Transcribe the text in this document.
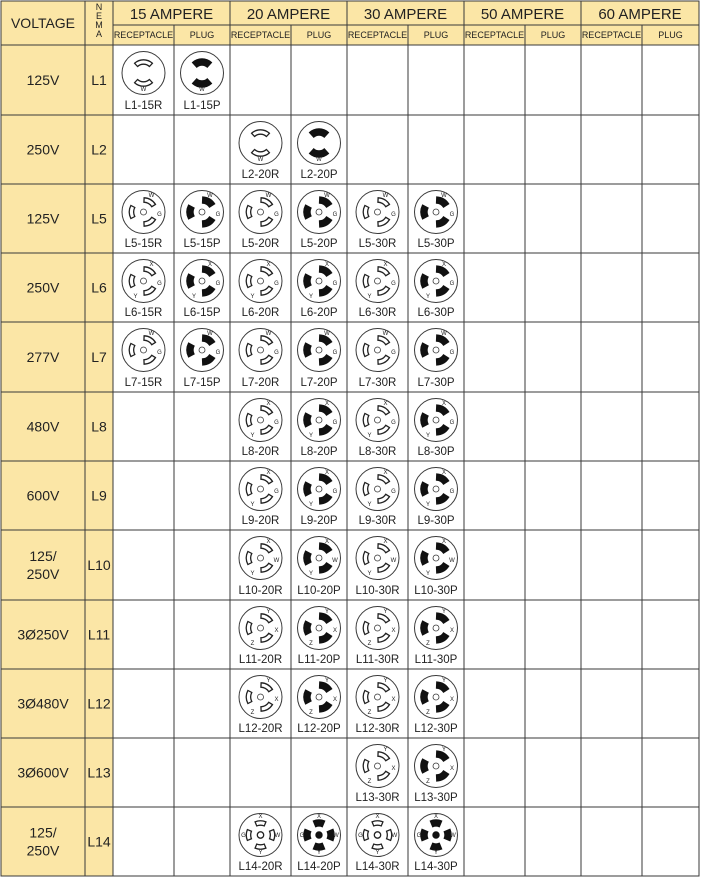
VOLTAGE
N
E
M
A
15 AMPERE
RECEPTACLE PLUG
20 AMPERE
RECEPTACLE PLUG
30 AMPERE
RECEPTACLE PLUG
50 AMPERE
RECEPTACLE PLUG
60 AMPERE
RECEPTACLE PLUG
125V L1
L1-15R L1-15P
W	W
250V L2
L2-20R L2-20P
W	W
125V L5
L5-15R L5-15P L5-20R L5-20P L5-30R L5-30P
W
G
W
G
W
G
W
G
W
G
W
G
250V L6
L6-15R L6-15P L6-20R L6-20P L6-30R L6-30P
X
Y
G
X
Y
G
X
Y
G
X
Y
G
X
Y
G
X
Y
G
277V L7
L7-15R L7-15P L7-20R L7-20P L7-30R L7-30P
W
G
W
G
W
G
W
G
W
G
W
G
480V L8
L8-20R L8-20P L8-30R L8-30P
X
Y
G
X
Y
G
X
Y
G
X
Y
G
600V L9
L9-20R L9-20P L9-30R L9-30P
X
Y
G
X
Y
G
X
Y
G
X
Y
G
125/
250V
L10
L10-20R L10-20P L10-30R L10-30P
X
Y
W
X
Y
W
X
Y
W
X
Y
W
3Ø250V L11
L11-20R L11-20P L11-30R L11-30P
Y
Z
X
Y
Z
X
Y
Z
X
Y
Z
X
3Ø480V L12
L12-20R L12-20P L12-30R L12-30P
Y
Z
X
Y
Z
X
Y
Z
X
Y
Z
X
3Ø600V L13
L13-30R L13-30P
Y
Z
X
Y
Z
X
125/
250V
L14
L14-20R L14-20P L14-30R L14-30P
X
Y
W
G
X
Y
W
G
X
Y
W
G
X
Y
W
G
